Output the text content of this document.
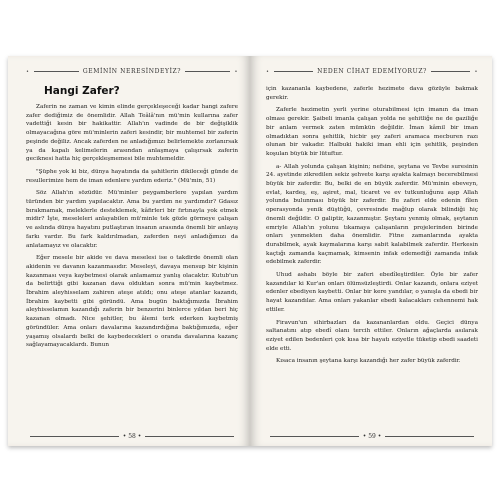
•	GEMİNİN NERESİNDEYİZ?	•
Hangi Zafer?

Zaferin ne zaman ve kimin elinde gerçekleşeceği kadar hangi zafere zafer dediğimiz de önemlidir. Allah Teâlâ'nın mü'min kullarına zafer vadettiği kesin bir hakikattir. Allah'ın vadinde de bir değişiklik olmayacağına göre mü'minlerin zaferi kesindir, bir muhtemel bir zaferin peşinde değiliz. Ancak zaferden ne anladığımızı belirlemekte zorlanırsak ya da kapalı kelimelerin arasından anlaşmaya çalışırsak zaferin geciknesi hatta hiç gerçekleşmemesi bile muhtemeldir.

"Şüphe yok ki biz, dünya hayatında da şahitlerin dikileceği günde de resullerimize hem de iman edenlere yardım ederiz." (Mü'min, 51)

Söz Allah'ın sözüdür. Mü'minler peygamberlere yapılan yardım türünden bir yardım yapılacaktır. Ama bu yardım ne yardımdır? Gdasız bırakmamak, meleklerle desteklemek, kâfirleri bir fırtınayla yok etmek midir? İşte, meseleleri anlayabilen mü'minle tek gözle görmeye çalışan ve aslında dünya hayatını putlaştıran insanın arasında önemli bir anlayış farkı vardır. Bu fark kaldırılmadan, zaferden neyi anladığımızı da anlatamayız ve olacaktır.

Eğer mesele bir akide ve dava meselesi ise o takdirde önemli olan akidenin ve davanın kazanmasıdır. Meseleyi, davaya mensup bir kişinin kazanması veya kaybetmesi olarak anlamamız yanlış olacaktır. Kutub'un da belirttiği gibi kazanan dava olduktan sonra mü'min kaybetmez. İbrahim aleyhisselam zahiren ateşe atıldı; onu ateşe atanlar kazandı, İbrahim kaybetti gibi göründü. Ama bugün baktığımızda İbrahim aleyhisselamın kazandığı zaferin bir benzerini binlerce yıldan beri hiç kazanan olmadı. Nice şehitler, bu âlemi terk ederken kaybetmiş göründüler. Ama onları davalarına kazandırdığına baktığımızda, eğer yaşamış olsalardı belki de kaybedecekleri o oranda davalarına kazanç sağlayamayacaklardı. Bunun

• 58 •
•	NEDEN CİHAT EDEMİYORUZ?	•

için kazananla kaybedene, zaferle hezimete dava gözüyle bakmak gerekir.

Zaferle hezimetin yerli yerine oturabilmesi için imanın da iman olması gerekir. Şaibeli imanla çalışan yolda ne şehitliğe ne de gaziliğe bir anlam vermek zaten mümkün değildir. İman kâmil bir iman olmadıktan sonra şehitlik, hicbir şey zaferi aramaca mecburen razı olunan bir vakadır. Halbuki hakiki iman ehli için şehitlik, peşinden koşulan büyük bir lütuftur.

a- Allah yolunda çalışan kişinin; nefsine, şeytana ve Tevbe suresinin 24. ayetinde zikredilen sekiz şehvete karşı ayakta kalmayı becerebilmesi büyük bir zaferdir. Bu, belki de en büyük zaferdir. Mü'minin ebeveyn, evlat, kardeş, eş, aşiret, mal, ticaret ve ev tutkunluğunu aşıp Allah yolunda bulunması büyük bir zaferdir. Bu zaferi elde edenin fîlen operasyonda yenik düştüğü, çevresinde mağlup olarak bilindiği hiç önemli değildir. O galiptir, kazanmıştır. Şeytanı yenmiş olmak, şeytanın emriyle Allah'ın yolunu tıkamaya çalışanların projelerinden birinde onları yenmekten daha önemlidir. Fitne zamanlarında ayakta durabilmek, ayak kaymalarına karşı sabit kalabilmek zaferdir. Herkesin kaçtığı zamanda kaçmamak, kimsenin infak edemediği zamanda infak edebilmek zaferdir.

Uhud ashabı böyle bir zaferi ebedîleştirdiler. Öyle bir zafer kazandılar ki Kur'an onları ölümsüzleştirdi. Onlar kazandı, onlara eziyet edenler ebediyen kaybetti. Onlar bir kere yandılar, o yanışla da ebedi bir hayat kazandılar. Ama onları yakanlar ebedi kalacakları cehennemi hak ettiler.

Firavun'un sihirbazları da kazananlardan oldu. Geçici dünya saltanatını atıp ebedî olanı tercih ettiler. Onların ağaçlarda asılarak eziyet edilen bedenleri çok kısa bir hayatı eziyetle tüketip ebedi saadeti elde etti.

Kısaca insanın şeytana karşı kazandığı her zafer büyük zaferdir.

• 59 •
